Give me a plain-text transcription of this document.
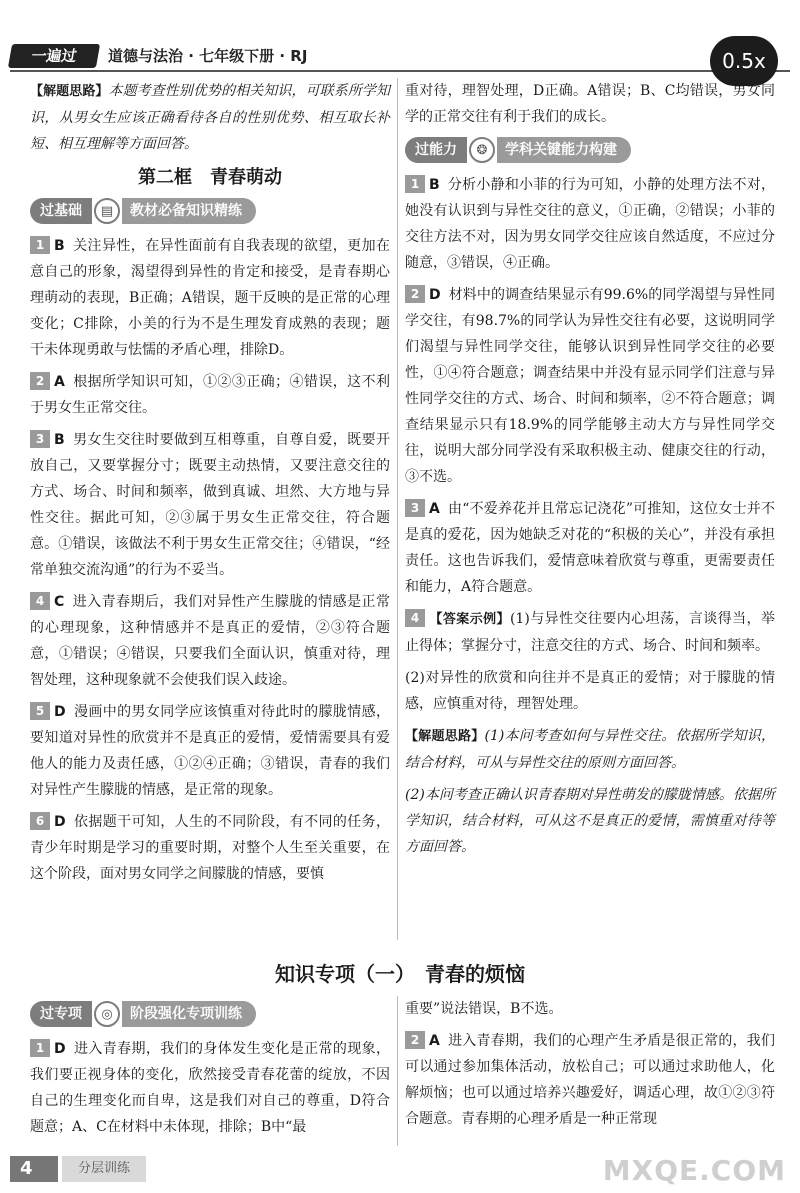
一遍过	道德与法治 · 七年级下册 · RJ	0.5x
【解题思路】本题考查性别优势的相关知识，可联系所学知识，从男女生应该正确看待各自的性别优势、相互取长补短、相互理解等方面回答。
第二框　青春萌动
过基础	▤	教材必备知识精练
1 B 关注异性，在异性面前有自我表现的欲望，更加在意自己的形象，渴望得到异性的肯定和接受，是青春期心理萌动的表现，B正确；A错误，题干反映的是正常的心理变化；C排除，小美的行为不是生理发育成熟的表现；题干未体现勇敢与怯懦的矛盾心理，排除D。
2 A 根据所学知识可知，①②③正确；④错误，这不利于男女生正常交往。
3 B 男女生交往时要做到互相尊重，自尊自爱，既要开放自己，又要掌握分寸；既要主动热情，又要注意交往的方式、场合、时间和频率，做到真诚、坦然、大方地与异性交往。据此可知，②③属于男女生正常交往，符合题意。①错误，该做法不利于男女生正常交往；④错误，“经常单独交流沟通”的行为不妥当。
4 C 进入青春期后，我们对异性产生朦胧的情感是正常的心理现象，这种情感并不是真正的爱情，②③符合题意，①错误；④错误，只要我们全面认识，慎重对待，理智处理，这种现象就不会使我们误入歧途。
5 D 漫画中的男女同学应该慎重对待此时的朦胧情感，要知道对异性的欣赏并不是真正的爱情，爱情需要具有爱他人的能力及责任感，①②④正确；③错误，青春的我们对异性产生朦胧的情感，是正常的现象。
6 D 依据题干可知，人生的不同阶段，有不同的任务，青少年时期是学习的重要时期，对整个人生至关重要，在这个阶段，面对男女同学之间朦胧的情感，要慎
重对待，理智处理，D正确。A错误；B、C均错误，男女同学的正常交往有利于我们的成长。
过能力	❂	学科关键能力构建
1 B 分析小静和小菲的行为可知，小静的处理方法不对，她没有认识到与异性交往的意义，①正确，②错误；小菲的交往方法不对，因为男女同学交往应该自然适度，不应过分随意，③错误，④正确。
2 D 材料中的调查结果显示有99.6%的同学渴望与异性同学交往，有98.7%的同学认为异性交往有必要，这说明同学们渴望与异性同学交往，能够认识到异性同学交往的必要性，①④符合题意；调查结果中并没有显示同学们注意与异性同学交往的方式、场合、时间和频率，②不符合题意；调查结果显示只有18.9%的同学能够主动大方与异性同学交往，说明大部分同学没有采取积极主动、健康交往的行动，③不选。
3 A 由“不爱养花并且常忘记浇花”可推知，这位女士并不是真的爱花，因为她缺乏对花的“积极的关心”，并没有承担责任。这也告诉我们，爱情意味着欣赏与尊重，更需要责任和能力，A符合题意。
4 【答案示例】(1)与异性交往要内心坦荡，言谈得当，举止得体；掌握分寸，注意交往的方式、场合、时间和频率。
(2)对异性的欣赏和向往并不是真正的爱情；对于朦胧的情感，应慎重对待，理智处理。
【解题思路】(1)本问考查如何与异性交往。依据所学知识，结合材料，可从与异性交往的原则方面回答。
(2)本问考查正确认识青春期对异性萌发的朦胧情感。依据所学知识，结合材料，可从这不是真正的爱情，需慎重对待等方面回答。
知识专项（一）　青春的烦恼
过专项	◎	阶段强化专项训练
1 D 进入青春期，我们的身体发生变化是正常的现象，我们要正视身体的变化，欣然接受青春花蕾的绽放，不因自己的生理变化而自卑，这是我们对自己的尊重，D符合题意；A、C在材料中未体现，排除；B中“最
重要”说法错误，B不选。
2 A 进入青春期，我们的心理产生矛盾是很正常的，我们可以通过参加集体活动，放松自己；可以通过求助他人，化解烦恼；也可以通过培养兴趣爱好，调适心理，故①②③符合题意。青春期的心理矛盾是一种正常现
4	分层训练	MXQE.COM
